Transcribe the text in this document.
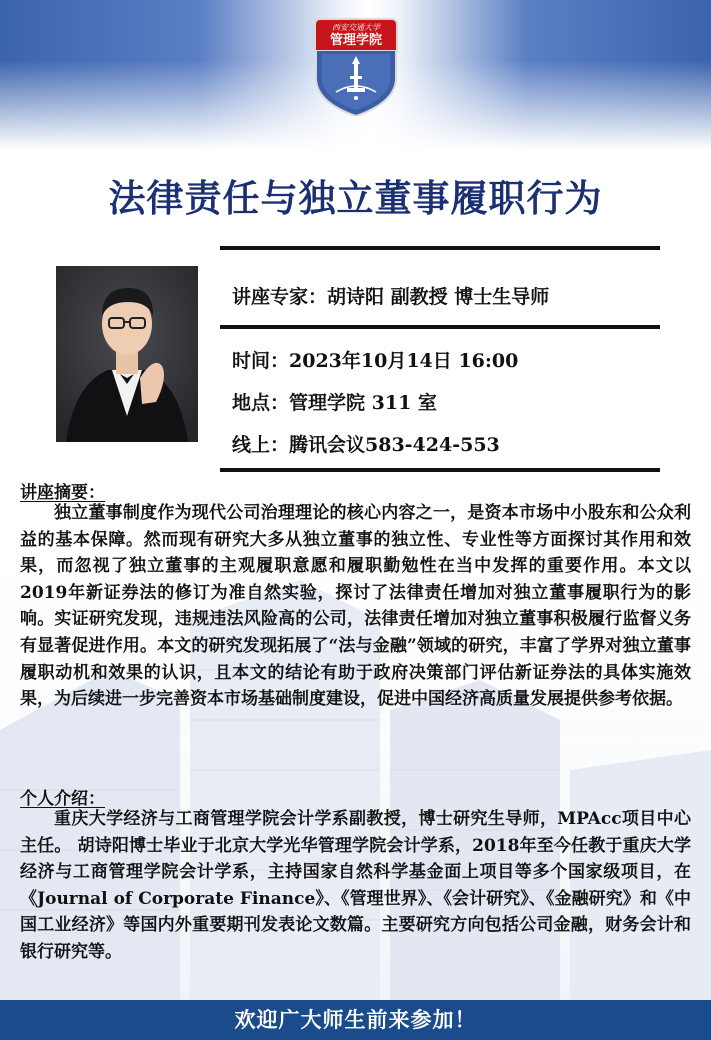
西安交通大学
管理学院
法律责任与独立董事履职行为
讲座专家：胡诗阳 副教授 博士生导师
时间：2023年10月14日 16:00
地点：管理学院 311 室
线上：腾讯会议583-424-553
讲座摘要：
独立董事制度作为现代公司治理理论的核心内容之一，是资本市场中小股东和公众利益的基本保障。然而现有研究大多从独立董事的独立性、专业性等方面探讨其作用和效果，而忽视了独立董事的主观履职意愿和履职勤勉性在当中发挥的重要作用。本文以2019年新证券法的修订为准自然实验，探讨了法律责任增加对独立董事履职行为的影响。实证研究发现，违规违法风险高的公司，法律责任增加对独立董事积极履行监督义务有显著促进作用。本文的研究发现拓展了“法与金融”领域的研究，丰富了学界对独立董事履职动机和效果的认识，且本文的结论有助于政府决策部门评估新证券法的具体实施效果，为后续进一步完善资本市场基础制度建设，促进中国经济高质量发展提供参考依据。
个人介绍：
重庆大学经济与工商管理学院会计学系副教授，博士研究生导师，MPAcc项目中心主任。 胡诗阳博士毕业于北京大学光华管理学院会计学系，2018年至今任教于重庆大学经济与工商管理学院会计学系，主持国家自然科学基金面上项目等多个国家级项目，在《Journal of Corporate Finance》、《管理世界》、《会计研究》、《金融研究》和《中国工业经济》等国内外重要期刊发表论文数篇。主要研究方向包括公司金融，财务会计和银行研究等。
欢迎广大师生前来参加！
